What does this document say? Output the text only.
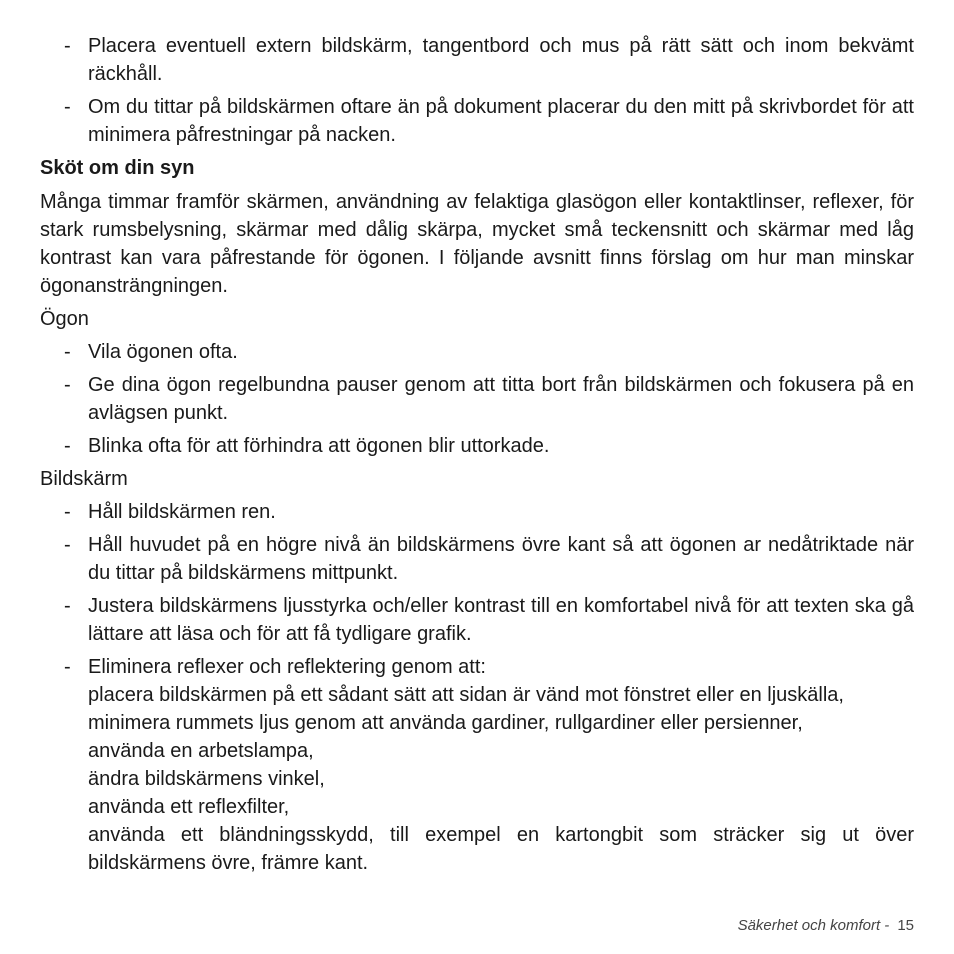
- Placera eventuell extern bildskärm, tangentbord och mus på rätt sätt och inom bekvämt räckhåll.
- Om du tittar på bildskärmen oftare än på dokument placerar du den mitt på skrivbordet för att minimera påfrestningar på nacken.
Sköt om din syn
Många timmar framför skärmen, användning av felaktiga glasögon eller kontaktlinser, reflexer, för stark rumsbelysning, skärmar med dålig skärpa, mycket små teckensnitt och skärmar med låg kontrast kan vara påfrestande för ögonen. I följande avsnitt finns förslag om hur man minskar ögonansträngningen.
Ögon
- Vila ögonen ofta.
- Ge dina ögon regelbundna pauser genom att titta bort från bildskärmen och fokusera på en avlägsen punkt.
- Blinka ofta för att förhindra att ögonen blir uttorkade.
Bildskärm
- Håll bildskärmen ren.
- Håll huvudet på en högre nivå än bildskärmens övre kant så att ögonen ar nedåtriktade när du tittar på bildskärmens mittpunkt.
- Justera bildskärmens ljusstyrka och/eller kontrast till en komfortabel nivå för att texten ska gå lättare att läsa och för att få tydligare grafik.
- Eliminera reflexer och reflektering genom att:
placera bildskärmen på ett sådant sätt att sidan är vänd mot fönstret eller en ljuskälla,
minimera rummets ljus genom att använda gardiner, rullgardiner eller persienner,
använda en arbetslampa,
ändra bildskärmens vinkel,
använda ett reflexfilter,
använda ett bländningsskydd, till exempel en kartongbit som sträcker sig ut över bildskärmens övre, främre kant.
Säkerhet och komfort - 15
